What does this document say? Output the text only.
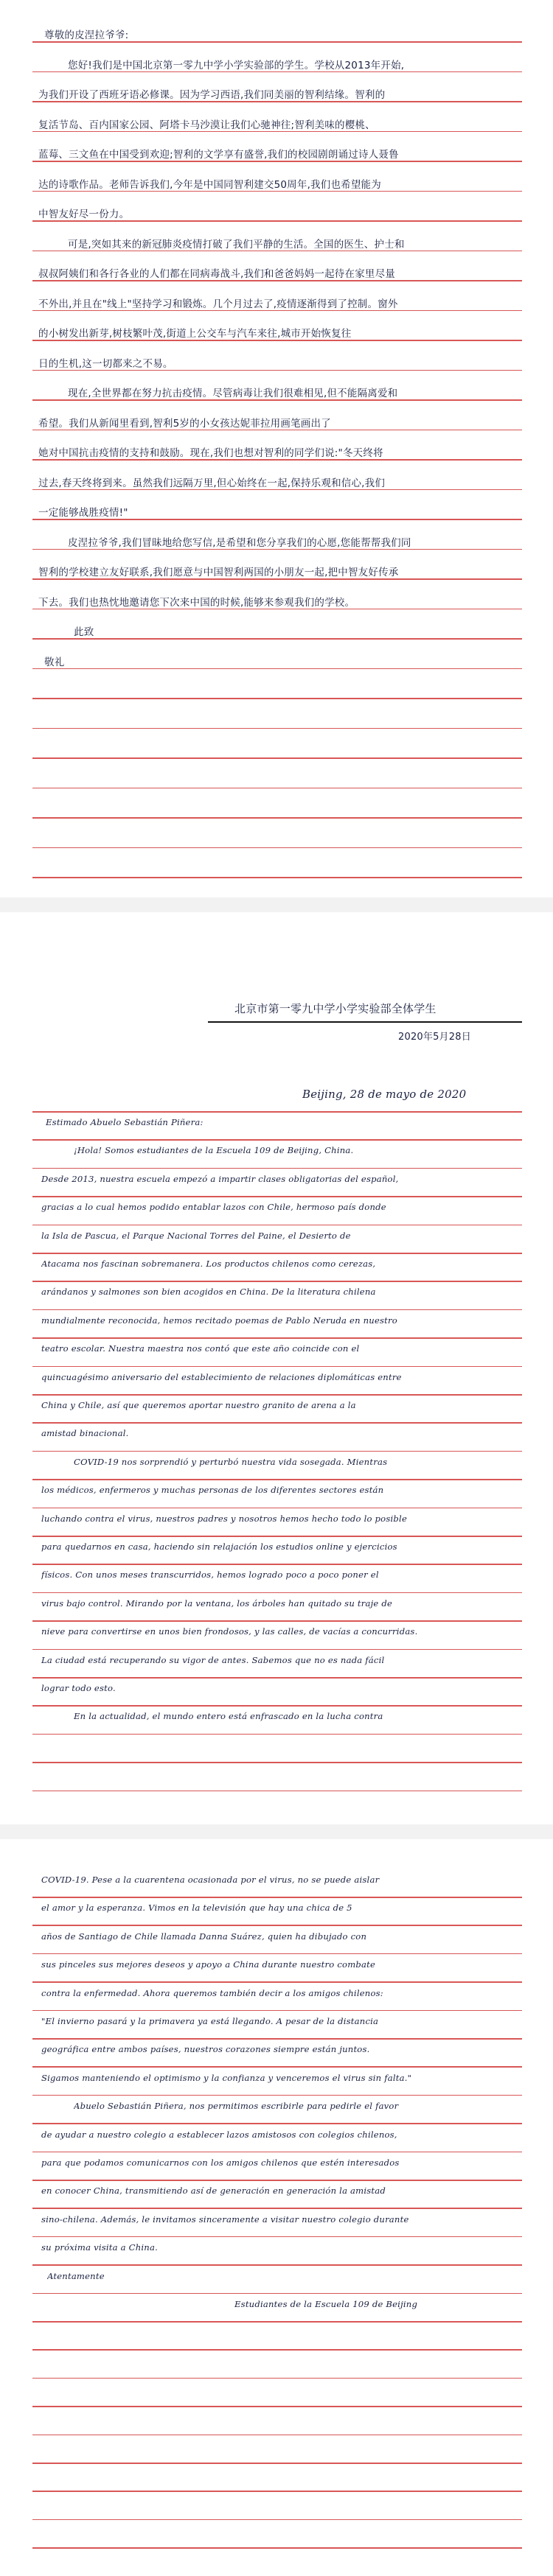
尊敬的皮涅拉爷爷:
您好!我们是中国北京第一零九中学小学实验部的学生。学校从2013年开始,
为我们开设了西班牙语必修课。因为学习西语,我们同美丽的智利结缘。智利的
复活节岛、百内国家公园、阿塔卡马沙漠让我们心驰神往;智利美味的樱桃、
蓝莓、三文鱼在中国受到欢迎;智利的文学享有盛誉,我们的校园剧朗诵过诗人聂鲁
达的诗歌作品。老师告诉我们,今年是中国同智利建交50周年,我们也希望能为
中智友好尽一份力。
可是,突如其来的新冠肺炎疫情打破了我们平静的生活。全国的医生、护士和
叔叔阿姨们和各行各业的人们都在同病毒战斗,我们和爸爸妈妈一起待在家里尽量
不外出,并且在"线上"坚持学习和锻炼。几个月过去了,疫情逐渐得到了控制。窗外
的小树发出新芽,树枝繁叶茂,街道上公交车与汽车来往,城市开始恢复往
日的生机,这一切都来之不易。
现在,全世界都在努力抗击疫情。尽管病毒让我们很难相见,但不能隔离爱和
希望。我们从新闻里看到,智利5岁的小女孩达妮菲拉用画笔画出了
她对中国抗击疫情的支持和鼓励。现在,我们也想对智利的同学们说:"冬天终将
过去,春天终将到来。虽然我们远隔万里,但心始终在一起,保持乐观和信心,我们
一定能够战胜疫情!"
皮涅拉爷爷,我们冒昧地给您写信,是希望和您分享我们的心愿,您能帮帮我们同
智利的学校建立友好联系,我们愿意与中国智利两国的小朋友一起,把中智友好传承
下去。我们也热忱地邀请您下次来中国的时候,能够来参观我们的学校。
此致
敬礼
北京市第一零九中学小学实验部全体学生
2020年5月28日
Beijing, 28 de mayo de 2020
Estimado Abuelo Sebastián Piñera:
¡Hola! Somos estudiantes de la Escuela 109 de Beijing, China.
Desde 2013, nuestra escuela empezó a impartir clases obligatorias del español,
gracias a lo cual hemos podido entablar lazos con Chile, hermoso país donde
la Isla de Pascua, el Parque Nacional Torres del Paine, el Desierto de
Atacama nos fascinan sobremanera. Los productos chilenos como cerezas,
arándanos y salmones son bien acogidos en China. De la literatura chilena
mundialmente reconocida, hemos recitado poemas de Pablo Neruda en nuestro
teatro escolar. Nuestra maestra nos contó que este año coincide con el
quincuagésimo aniversario del establecimiento de relaciones diplomáticas entre
China y Chile, así que queremos aportar nuestro granito de arena a la
amistad binacional.
COVID-19 nos sorprendió y perturbó nuestra vida sosegada. Mientras
los médicos, enfermeros y muchas personas de los diferentes sectores están
luchando contra el virus, nuestros padres y nosotros hemos hecho todo lo posible
para quedarnos en casa, haciendo sin relajación los estudios online y ejercicios
físicos. Con unos meses transcurridos, hemos logrado poco a poco poner el
virus bajo control. Mirando por la ventana, los árboles han quitado su traje de
nieve para convertirse en unos bien frondosos, y las calles, de vacías a concurridas.
La ciudad está recuperando su vigor de antes. Sabemos que no es nada fácil
lograr todo esto.
En la actualidad, el mundo entero está enfrascado en la lucha contra
COVID-19. Pese a la cuarentena ocasionada por el virus, no se puede aislar
el amor y la esperanza. Vimos en la televisión que hay una chica de 5
años de Santiago de Chile llamada Danna Suárez, quien ha dibujado con
sus pinceles sus mejores deseos y apoyo a China durante nuestro combate
contra la enfermedad. Ahora queremos también decir a los amigos chilenos:
"El invierno pasará y la primavera ya está llegando. A pesar de la distancia
geográfica entre ambos países, nuestros corazones siempre están juntos.
Sigamos manteniendo el optimismo y la confianza y venceremos el virus sin falta."
Abuelo Sebastián Piñera, nos permitimos escribirle para pedirle el favor
de ayudar a nuestro colegio a establecer lazos amistosos con colegios chilenos,
para que podamos comunicarnos con los amigos chilenos que estén interesados
en conocer China, transmitiendo así de generación en generación la amistad
sino-chilena. Además, le invitamos sinceramente a visitar nuestro colegio durante
su próxima visita a China.
Atentamente
Estudiantes de la Escuela 109 de Beijing
